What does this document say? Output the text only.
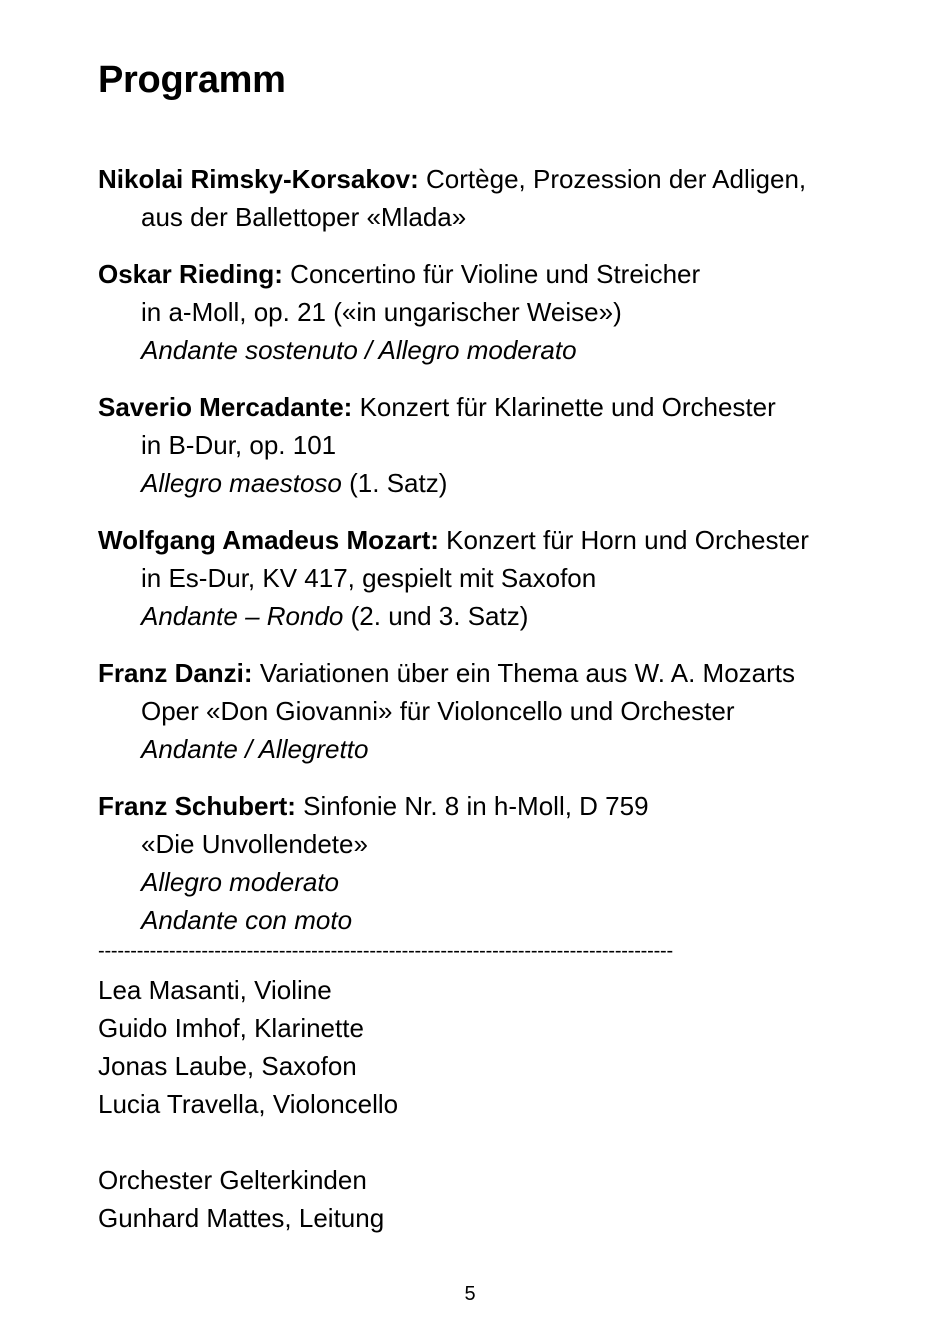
Programm
Nikolai Rimsky-Korsakov: Cortège, Prozession der Adligen,
aus der Ballettoper «Mlada»
Oskar Rieding: Concertino für Violine und Streicher
in a-Moll, op. 21 («in ungarischer Weise»)
Andante sostenuto / Allegro moderato
Saverio Mercadante: Konzert für Klarinette und Orchester
in B-Dur, op. 101
Allegro maestoso (1. Satz)
Wolfgang Amadeus Mozart: Konzert für Horn und Orchester
in Es-Dur, KV 417, gespielt mit Saxofon
Andante – Rondo (2. und 3. Satz)
Franz Danzi: Variationen über ein Thema aus W. A. Mozarts
Oper «Don Giovanni» für Violoncello und Orchester
Andante / Allegretto
Franz Schubert: Sinfonie Nr. 8 in h-Moll, D 759
«Die Unvollendete»
Allegro moderato
Andante con moto
-----------------------------------------------------------------------------------------
Lea Masanti, Violine
Guido Imhof, Klarinette
Jonas Laube, Saxofon
Lucia Travella, Violoncello
Orchester Gelterkinden
Gunhard Mattes, Leitung
5
